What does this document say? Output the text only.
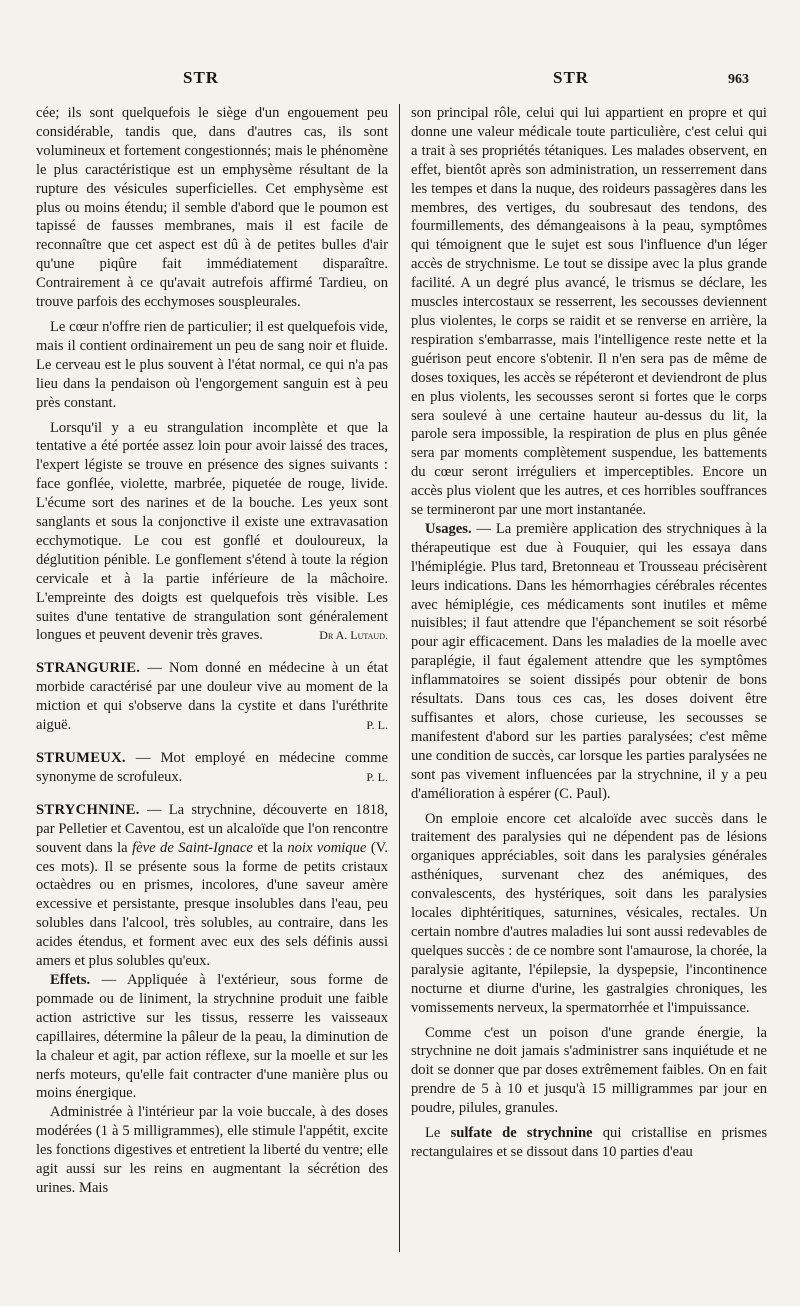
STR	STR	963

cée; ils sont quelquefois le siège d'un engouement peu considérable, tandis que, dans d'autres cas, ils sont volumineux et fortement congestionnés; mais le phénomène le plus caractéristique est un emphysème résultant de la rupture des vésicules superficielles. Cet emphysème est plus ou moins étendu; il semble d'abord que le poumon est tapissé de fausses membranes, mais il est facile de reconnaître que cet aspect est dû à de petites bulles d'air qu'une piqûre fait immédiatement disparaître. Contrairement à ce qu'avait autrefois affirmé Tardieu, on trouve parfois des ecchymoses souspleurales.

Le cœur n'offre rien de particulier; il est quelquefois vide, mais il contient ordinairement un peu de sang noir et fluide. Le cerveau est le plus souvent à l'état normal, ce qui n'a pas lieu dans la pendaison où l'engorgement sanguin est à peu près constant.

Lorsqu'il y a eu strangulation incomplète et que la tentative a été portée assez loin pour avoir laissé des traces, l'expert légiste se trouve en présence des signes suivants : face gonflée, violette, marbrée, piquetée de rouge, livide. L'écume sort des narines et de la bouche. Les yeux sont sanglants et sous la conjonctive il existe une extravasation ecchymotique. Le cou est gonflé et douloureux, la déglutition pénible. Le gonflement s'étend à toute la région cervicale et à la partie inférieure de la mâchoire. L'empreinte des doigts est quelquefois très visible. Les suites d'une tentative de strangulation sont généralement longues et peuvent devenir très graves.	Dr A. Lutaud.

STRANGURIE. — Nom donné en médecine à un état morbide caractérisé par une douleur vive au moment de la miction et qui s'observe dans la cystite et dans l'uréthrite aiguë.	P. L.

STRUMEUX. — Mot employé en médecine comme synonyme de scrofuleux.	P. L.

STRYCHNINE. — La strychnine, découverte en 1818, par Pelletier et Caventou, est un alcaloïde que l'on rencontre souvent dans la fève de Saint-Ignace et la noix vomique (V. ces mots). Il se présente sous la forme de petits cristaux octaèdres ou en prismes, incolores, d'une saveur amère excessive et persistante, presque insolubles dans l'eau, peu solubles dans l'alcool, très solubles, au contraire, dans les acides étendus, et forment avec eux des sels définis aussi amers et plus solubles qu'eux.

Effets. — Appliquée à l'extérieur, sous forme de pommade ou de liniment, la strychnine produit une faible action astrictive sur les tissus, resserre les vaisseaux capillaires, détermine la pâleur de la peau, la diminution de la chaleur et agit, par action réflexe, sur la moelle et sur les nerfs moteurs, qu'elle fait contracter d'une manière plus ou moins énergique.

Administrée à l'intérieur par la voie buccale, à des doses modérées (1 à 5 milligrammes), elle stimule l'appétit, excite les fonctions digestives et entretient la liberté du ventre; elle agit aussi sur les reins en augmentant la sécrétion des urines. Mais

son principal rôle, celui qui lui appartient en propre et qui donne une valeur médicale toute particulière, c'est celui qui a trait à ses propriétés tétaniques. Les malades observent, en effet, bientôt après son administration, un resserrement dans les tempes et dans la nuque, des roideurs passagères dans les membres, des vertiges, du soubresaut des tendons, des fourmillements, des démangeaisons à la peau, symptômes qui témoignent que le sujet est sous l'influence d'un léger accès de strychnisme. Le tout se dissipe avec la plus grande facilité. A un degré plus avancé, le trismus se déclare, les muscles intercostaux se resserrent, les secousses deviennent plus violentes, le corps se raidit et se renverse en arrière, la respiration s'embarrasse, mais l'intelligence reste nette et la guérison peut encore s'obtenir. Il n'en sera pas de même de doses toxiques, les accès se répéteront et deviendront de plus en plus violents, les secousses seront si fortes que le corps sera soulevé à une certaine hauteur au-dessus du lit, la parole sera impossible, la respiration de plus en plus gênée sera par moments complètement suspendue, les battements du cœur seront irréguliers et imperceptibles. Encore un accès plus violent que les autres, et ces horribles souffrances se termineront par une mort instantanée.

Usages. — La première application des strychniques à la thérapeutique est due à Fouquier, qui les essaya dans l'hémiplégie. Plus tard, Bretonneau et Trousseau précisèrent leurs indications. Dans les hémorrhagies cérébrales récentes avec hémiplégie, ces médicaments sont inutiles et même nuisibles; il faut attendre que l'épanchement se soit résorbé pour agir efficacement. Dans les maladies de la moelle avec paraplégie, il faut également attendre que les symptômes inflammatoires se soient dissipés pour obtenir de bons résultats. Dans tous ces cas, les doses doivent être suffisantes et alors, chose curieuse, les secousses se manifestent d'abord sur les parties paralysées; c'est même une condition de succès, car lorsque les parties paralysées ne sont pas vivement influencées par la strychnine, il y a peu d'amélioration à espérer (C. Paul).

On emploie encore cet alcaloïde avec succès dans le traitement des paralysies qui ne dépendent pas de lésions organiques appréciables, soit dans les paralysies générales asthéniques, survenant chez des anémiques, des convalescents, des hystériques, soit dans les paralysies locales diphtéritiques, saturnines, vésicales, rectales. Un certain nombre d'autres maladies lui sont aussi redevables de quelques succès : de ce nombre sont l'amaurose, la chorée, la paralysie agitante, l'épilepsie, la dyspepsie, l'incontinence nocturne et diurne d'urine, les gastralgies chroniques, les vomissements nerveux, la spermatorrhée et l'impuissance.

Comme c'est un poison d'une grande énergie, la strychnine ne doit jamais s'administrer sans inquiétude et ne doit se donner que par doses extrêmement faibles. On en fait prendre de 5 à 10 et jusqu'à 15 milligrammes par jour en poudre, pilules, granules.

Le sulfate de strychnine qui cristallise en prismes rectangulaires et se dissout dans 10 parties d'eau
